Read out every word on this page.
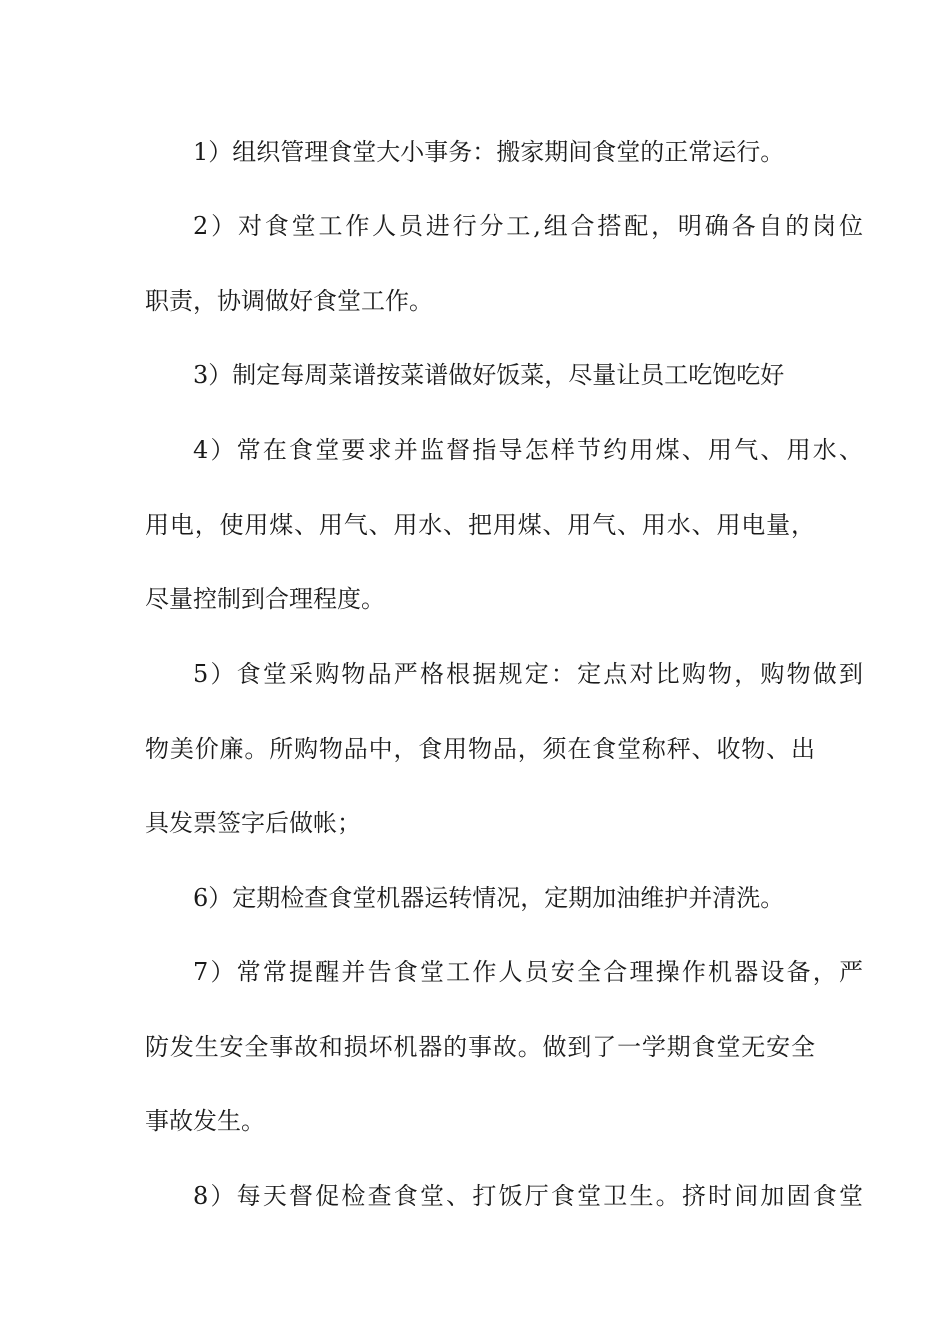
1）组织管理食堂大小事务：搬家期间食堂的正常运行。

2）对食堂工作人员进行分工,组合搭配，明确各自的岗位

职责，协调做好食堂工作。

3）制定每周菜谱按菜谱做好饭菜，尽量让员工吃饱吃好

4）常在食堂要求并监督指导怎样节约用煤、用气、用水、

用电，使用煤、用气、用水、把用煤、用气、用水、用电量，

尽量控制到合理程度。

5）食堂采购物品严格根据规定：定点对比购物，购物做到

物美价廉。所购物品中，食用物品，须在食堂称秤、收物、出

具发票签字后做帐；

6）定期检查食堂机器运转情况，定期加油维护并清洗。

7）常常提醒并告食堂工作人员安全合理操作机器设备，严

防发生安全事故和损坏机器的事故。做到了一学期食堂无安全

事故发生。

8）每天督促检查食堂、打饭厅食堂卫生。挤时间加固食堂
